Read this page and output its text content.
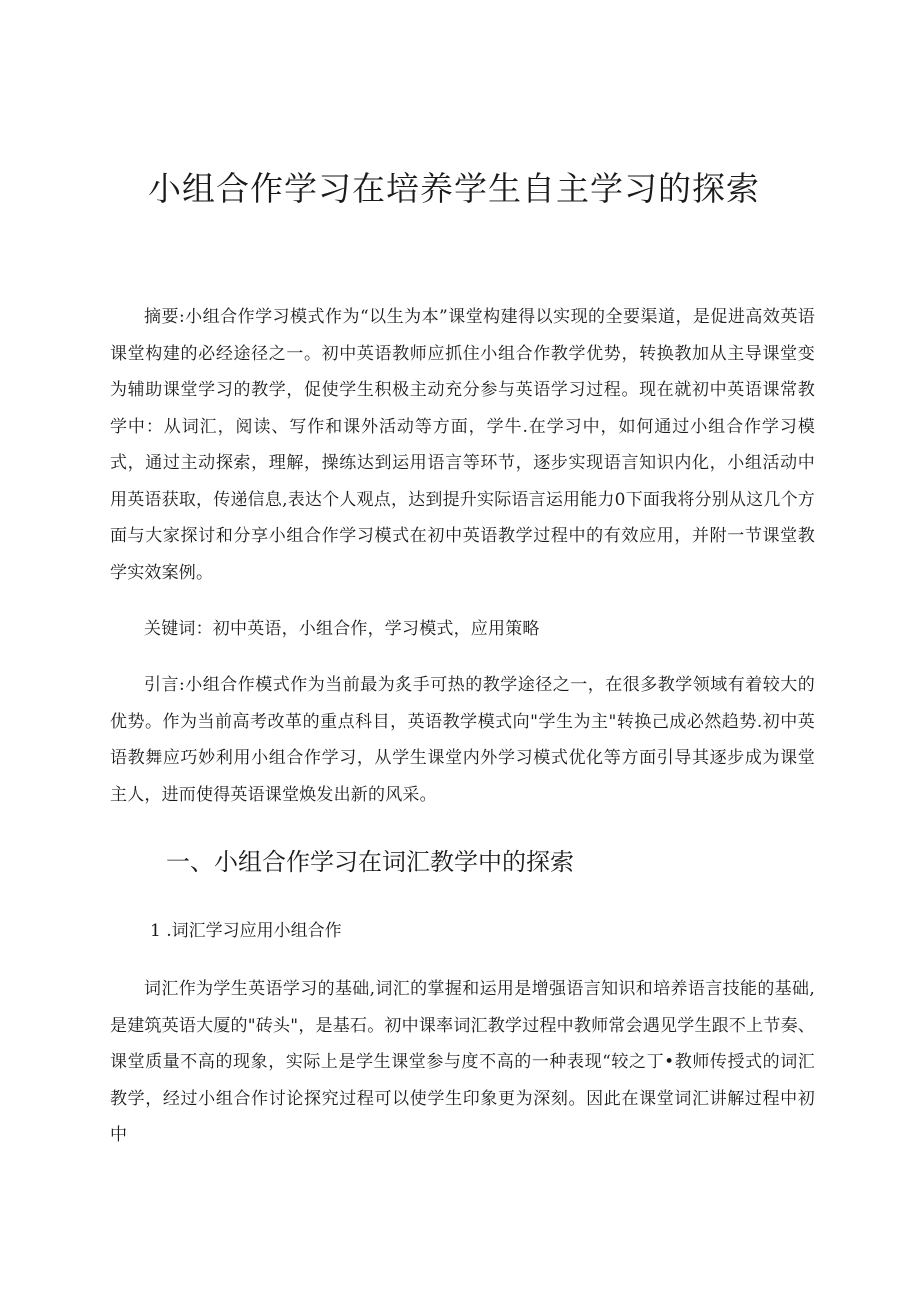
小组合作学习在培养学生自主学习的探索

摘要:小组合作学习模式作为“以生为本”课堂构建得以实现的全要渠道，是促进高效英语课堂构建的必经途径之一。初中英语教师应抓住小组合作教学优势，转换教加从主导课堂变为辅助课堂学习的教学，促使学生积极主动充分参与英语学习过程。现在就初中英语课常教学中：从词汇，阅读、写作和课外活动等方面，学牛.在学习中，如何通过小组合作学习模式，通过主动探索，理解，操练达到运用语言等环节，逐步实现语言知识内化，小组活动中用英语获取，传递信息,表达个人观点，达到提升实际语言运用能力0下面我将分别从这几个方面与大家探讨和分享小组合作学习模式在初中英语教学过程中的有效应用，并附一节课堂教学实效案例。

关键词：初中英语，小组合作，学习模式，应用策略

引言:小组合作模式作为当前最为炙手可热的教学途径之一，在很多教学领域有着较大的优势。作为当前高考改革的重点科目，英语教学模式向"学生为主"转换己成必然趋势.初中英语教舞应巧妙利用小组合作学习，从学生课堂内外学习模式优化等方面引导其逐步成为课堂主人，进而使得英语课堂焕发出新的风采。

一、小组合作学习在词汇教学中的探索

1 .词汇学习应用小组合作

词汇作为学生英语学习的基础,词汇的掌握和运用是增强语言知识和培养语言技能的基础,是建筑英语大厦的"砖头"，是基石。初中课率词汇教学过程中教师常会遇见学生跟不上节奏、课堂质量不高的现象，实际上是学生课堂参与度不高的一种表现“较之丁•教师传授式的词汇教学，经过小组合作讨论探究过程可以使学生印象更为深刻。因此在课堂词汇讲解过程中初中
